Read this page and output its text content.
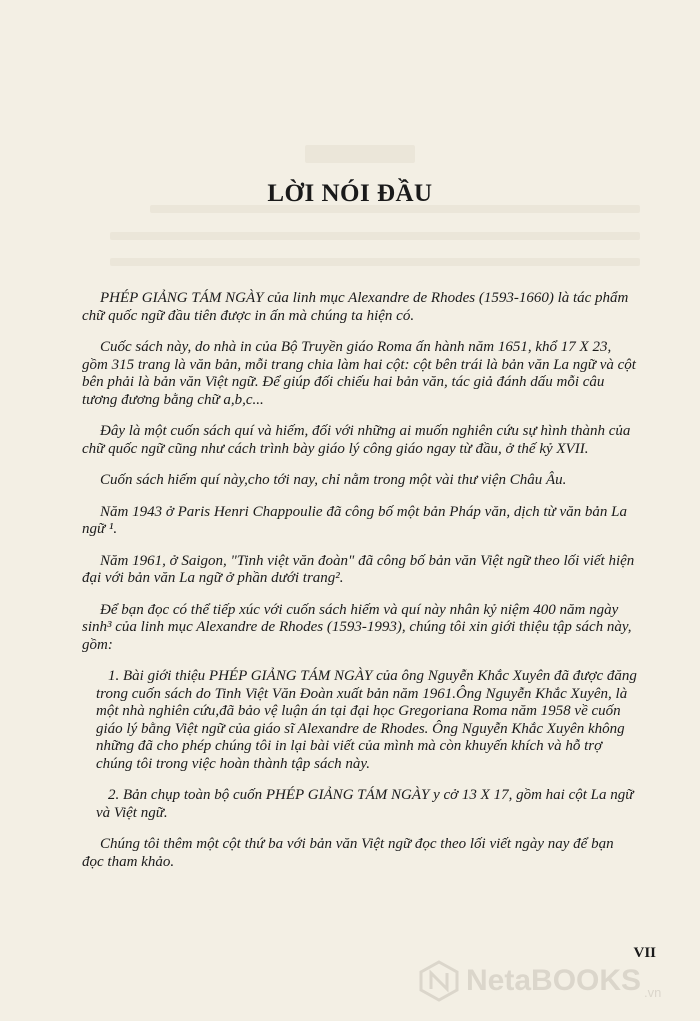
LỜI NÓI ĐẦU

PHÉP GIẢNG TÁM NGÀY của linh mục Alexandre de Rhodes (1593-1660) là tác phẩm chữ quốc ngữ đầu tiên được in ấn mà chúng ta hiện có.

Cuốc sách này, do nhà in của Bộ Truyền giáo Roma ấn hành năm 1651, khổ 17 X 23, gồm 315 trang là văn bản, mỗi trang chia làm hai cột: cột bên trái là bản văn La ngữ và cột bên phải là bản văn Việt ngữ. Để giúp đối chiếu hai bản văn, tác giả đánh dấu mỗi câu tương đương bằng chữ a,b,c...

Đây là một cuốn sách quí và hiếm, đối với những ai muốn nghiên cứu sự hình thành của chữ quốc ngữ cũng như cách trình bày giáo lý công giáo ngay từ đầu, ở thế kỷ XVII.

Cuốn sách hiếm quí này,cho tới nay, chỉ nằm trong một vài thư viện Châu Âu.

Năm 1943 ở Paris Henri Chappoulie đã công bố một bản Pháp văn, dịch từ văn bản La ngữ ¹.

Năm 1961, ở Saigon, "Tinh việt văn đoàn" đã công bố bản văn Việt ngữ theo lối viết hiện đại với bản văn La ngữ ở phần dưới trang².

Để bạn đọc có thể tiếp xúc với cuốn sách hiếm và quí này nhân kỷ niệm 400 năm ngày sinh³ của linh mục Alexandre de Rhodes (1593-1993), chúng tôi xin giới thiệu tập sách này, gồm:

1. Bài giới thiệu PHÉP GIẢNG TÁM NGÀY của ông Nguyễn Khắc Xuyên đã được đăng trong cuốn sách do Tinh Việt Văn Đoàn xuất bản năm 1961.Ông Nguyễn Khắc Xuyên, là một nhà nghiên cứu,đã bảo vệ luận án tại đại học Gregoriana Roma năm 1958 về cuốn giáo lý bằng Việt ngữ của giáo sĩ Alexandre de Rhodes. Ông Nguyễn Khắc Xuyên không những đã cho phép chúng tôi in lại bài viết của mình mà còn khuyến khích và hỗ trợ chúng tôi trong việc hoàn thành tập sách này.

2. Bản chụp toàn bộ cuốn PHÉP GIẢNG TÁM NGÀY y cở 13 X 17, gồm hai cột La ngữ và Việt ngữ.

Chúng tôi thêm một cột thứ ba với bản văn Việt ngữ đọc theo lối viết ngày nay để bạn đọc tham khảo.

VII
NetaBOOKS .vn
